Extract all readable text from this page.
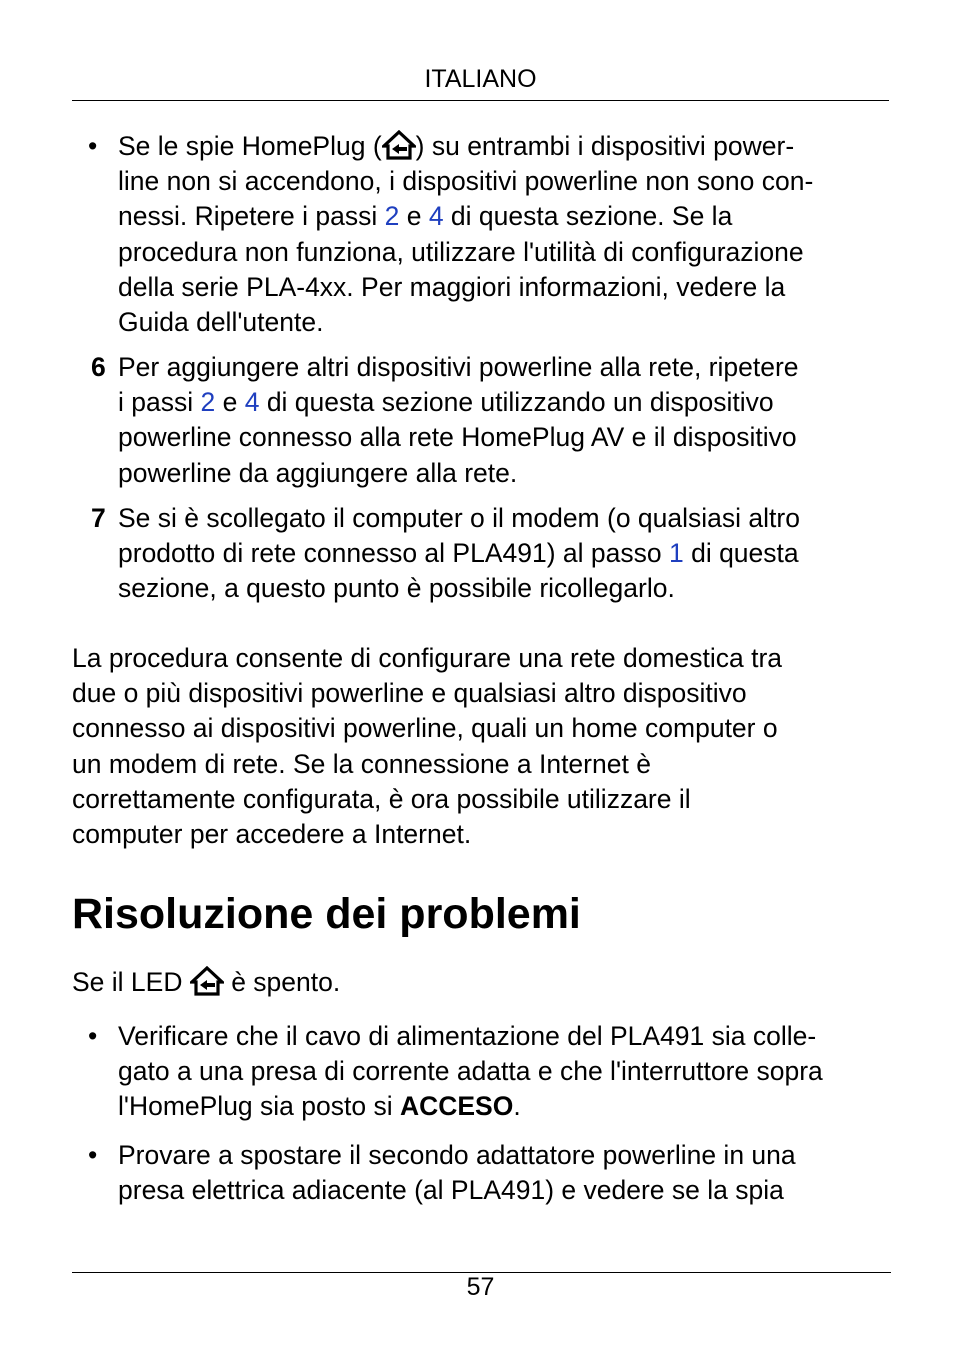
ITALIANO
• Se le spie HomePlug ( ) su entrambi i dispositivi power-
line non si accendono, i dispositivi powerline non sono con-
nessi. Ripetere i passi 2 e 4 di questa sezione. Se la
procedura non funziona, utilizzare l'utilità di configurazione
della serie PLA-4xx. Per maggiori informazioni, vedere la
Guida dell'utente.
6 Per aggiungere altri dispositivi powerline alla rete, ripetere
i passi 2 e 4 di questa sezione utilizzando un dispositivo
powerline connesso alla rete HomePlug AV e il dispositivo
powerline da aggiungere alla rete.
7 Se si è scollegato il computer o il modem (o qualsiasi altro
prodotto di rete connesso al PLA491) al passo 1 di questa
sezione, a questo punto è possibile ricollegarlo.
La procedura consente di configurare una rete domestica tra
due o più dispositivi powerline e qualsiasi altro dispositivo
connesso ai dispositivi powerline, quali un home computer o
un modem di rete. Se la connessione a Internet è
correttamente configurata, è ora possibile utilizzare il
computer per accedere a Internet.
Risoluzione dei problemi
Se il LED
è spento.
• Verificare che il cavo di alimentazione del PLA491 sia colle-
gato a una presa di corrente adatta e che l'interruttore sopra
l'HomePlug sia posto si ACCESO.
• Provare a spostare il secondo adattatore powerline in una
presa elettrica adiacente (al PLA491) e vedere se la spia
57
